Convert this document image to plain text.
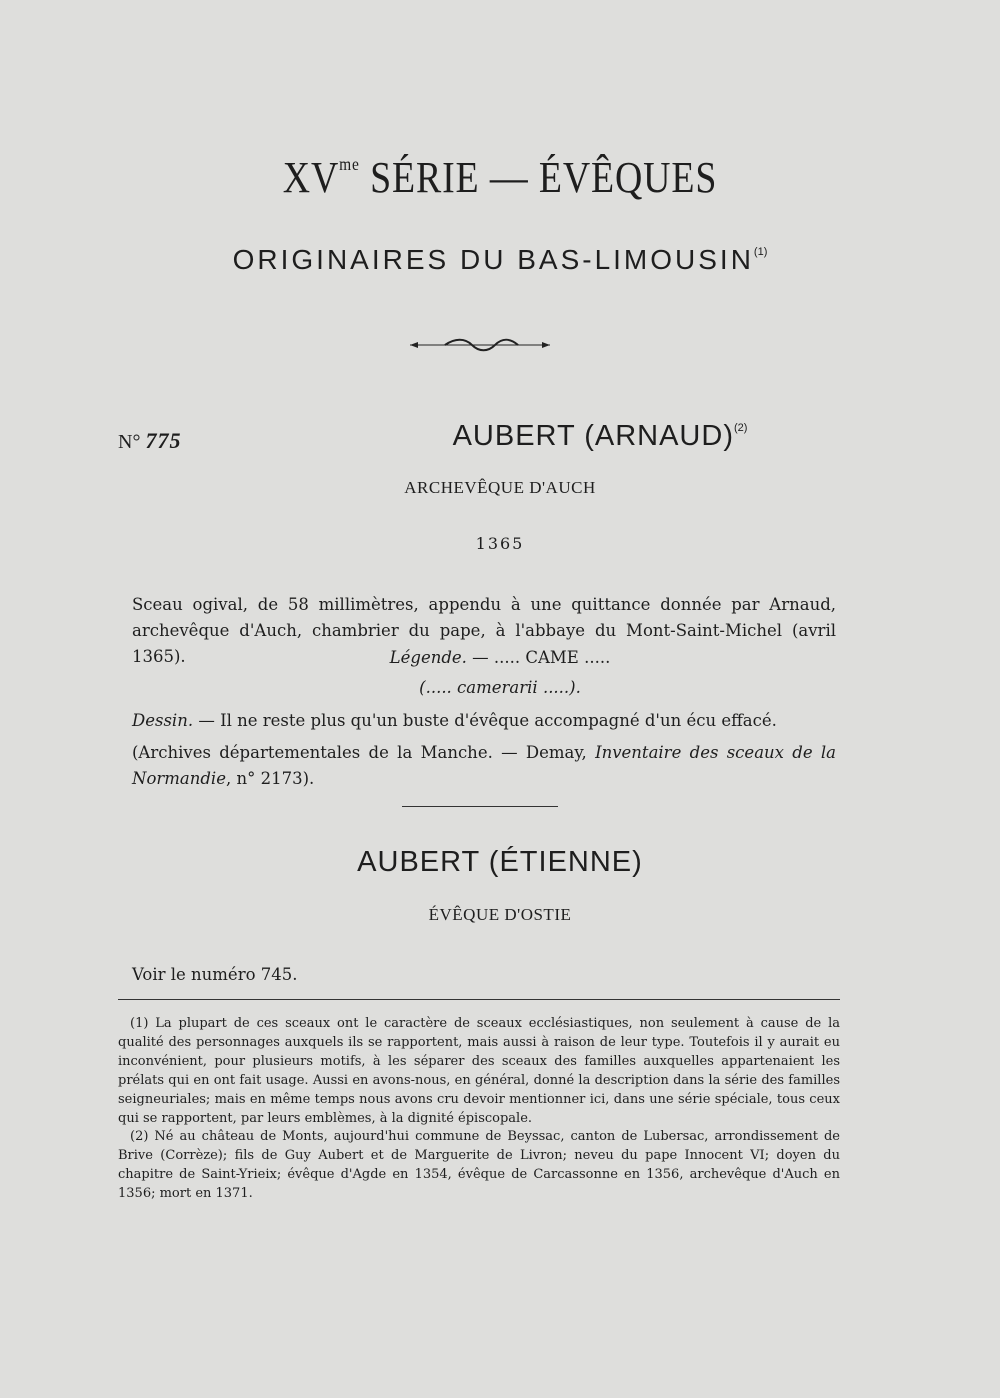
$XV^{me}$ SÉRIE — ÉVÊQUES
ORIGINAIRES DU BAS-LIMOUSIN$^{(1)}$
N° 775	AUBERT (ARNAUD)$^{(2)}$
ARCHEVÊQUE D'AUCH
1365
Sceau ogival, de 58 millimètres, appendu à une quittance donnée par Arnaud, archevêque d'Auch, chambrier du pape, à l'abbaye du Mont-Saint-Michel (avril 1365).	Légende. — ..... CAME .....
(..... camerarii .....).
Dessin. — Il ne reste plus qu'un buste d'évêque accompagné d'un écu effacé.
(Archives départementales de la Manche. — Demay, Inventaire des sceaux de la Normandie, n° 2173).
AUBERT (ÉTIENNE)
ÉVÊQUE D'OSTIE
Voir le numéro 745.
(1) La plupart de ces sceaux ont le caractère de sceaux ecclésiastiques, non seulement à cause de la qualité des personnages auxquels ils se rapportent, mais aussi à raison de leur type. Toutefois il y aurait eu inconvénient, pour plusieurs motifs, à les séparer des sceaux des familles auxquelles appartenaient les prélats qui en ont fait usage. Aussi en avons-nous, en général, donné la description dans la série des familles seigneuriales; mais en même temps nous avons cru devoir mentionner ici, dans une série spéciale, tous ceux qui se rapportent, par leurs emblèmes, à la dignité épiscopale.
(2) Né au château de Monts, aujourd'hui commune de Beyssac, canton de Lubersac, arrondissement de Brive (Corrèze); fils de Guy Aubert et de Marguerite de Livron; neveu du pape Innocent VI; doyen du chapitre de Saint-Yrieix; évêque d'Agde en 1354, évêque de Carcassonne en 1356, archevêque d'Auch en 1356; mort en 1371.
